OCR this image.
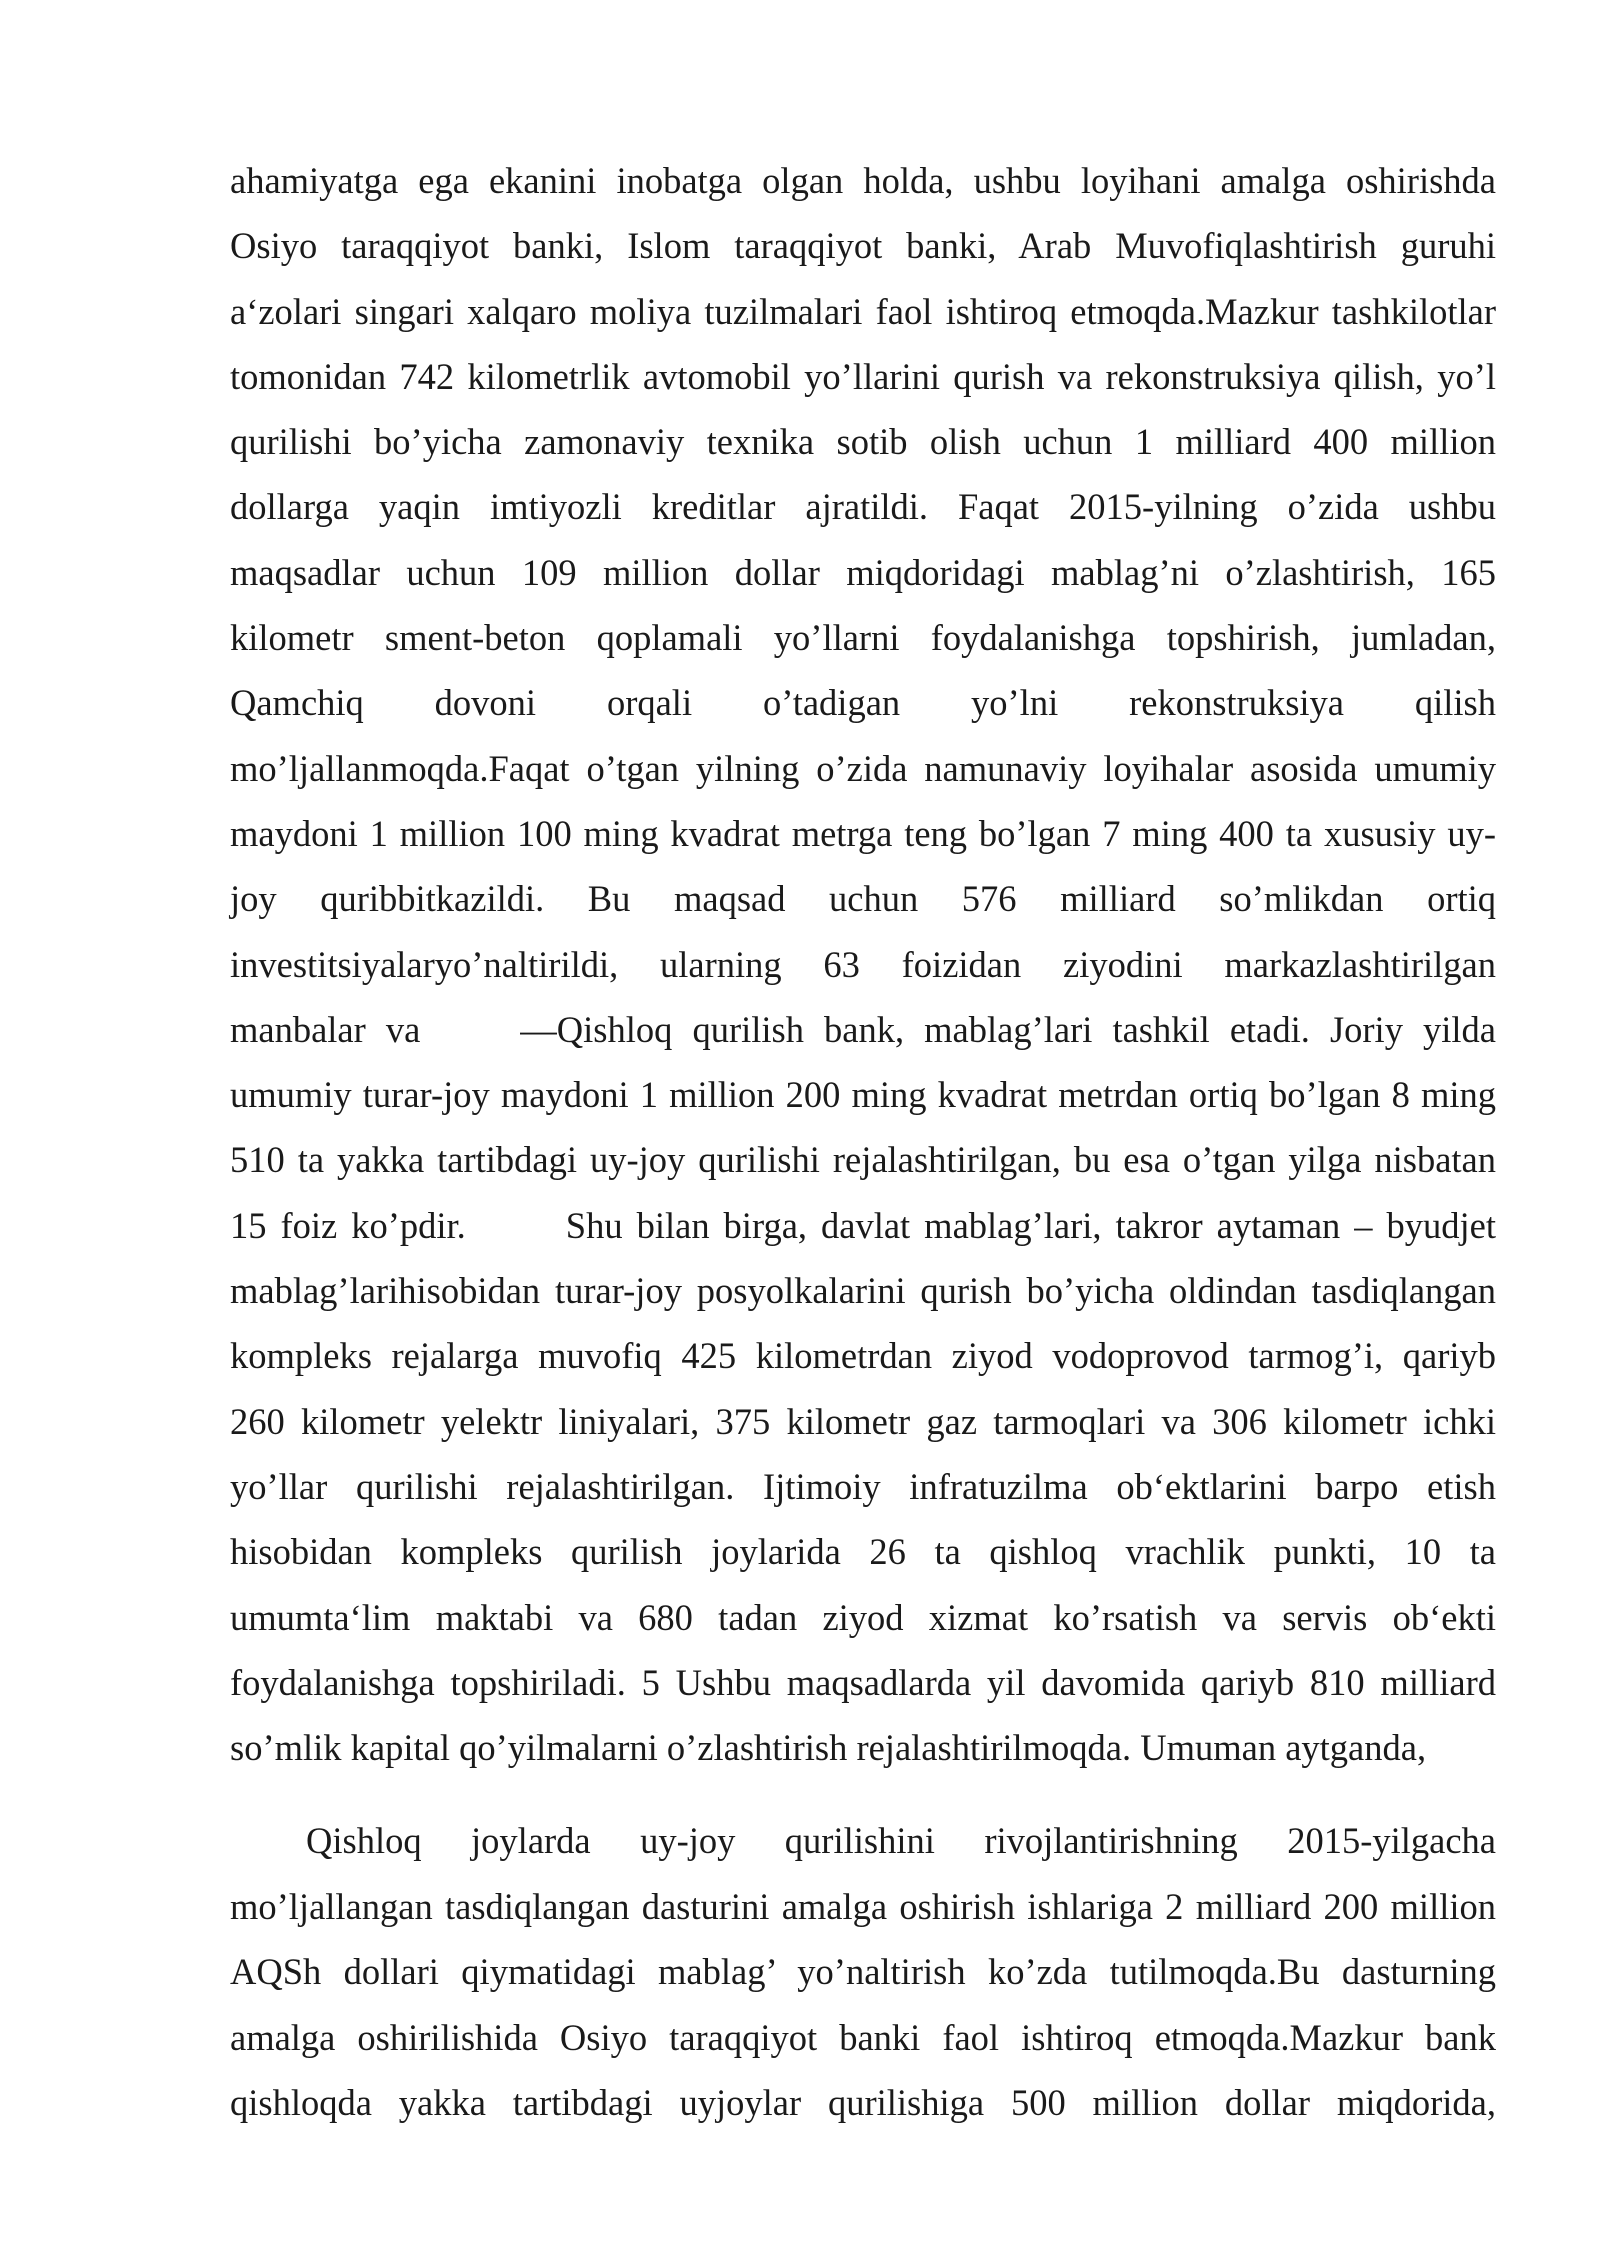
ahamiyatga ega ekanini inobatga olgan holda, ushbu loyihani amalga oshirishda
Osiyo taraqqiyot banki, Islom taraqqiyot banki, Arab Muvofiqlashtirish guruhi
a‘zolari singari xalqaro moliya tuzilmalari faol ishtiroq etmoqda.Mazkur tashkilotlar
tomonidan 742 kilometrlik avtomobil yo’llarini qurish va rekonstruksiya qilish, yo’l
qurilishi bo’yicha zamonaviy texnika sotib olish uchun 1 milliard 400 million
dollarga yaqin imtiyozli kreditlar ajratildi. Faqat 2015-yilning o’zida ushbu
maqsadlar uchun 109 million dollar miqdoridagi mablag’ni o’zlashtirish, 165
kilometr sment-beton qoplamali yo’llarni foydalanishga topshirish, jumladan,
Qamchiq dovoni orqali o’tadigan yo’lni rekonstruksiya qilish
mo’ljallanmoqda.Faqat o’tgan yilning o’zida namunaviy loyihalar asosida umumiy
maydoni 1 million 100 ming kvadrat metrga teng bo’lgan 7 ming 400 ta xususiy uy-
joy quribbitkazildi. Bu maqsad uchun 576 milliard so’mlikdan ortiq
investitsiyalaryo’naltirildi, ularning 63 foizidan ziyodini markazlashtirilgan
manbalar va	―Qishloq qurilish bank, mablag’lari tashkil etadi. Joriy yilda
umumiy turar-joy maydoni 1 million 200 ming kvadrat metrdan ortiq bo’lgan 8 ming
510 ta yakka tartibdagi uy-joy qurilishi rejalashtirilgan, bu esa o’tgan yilga nisbatan
15 foiz ko’pdir.	Shu bilan birga, davlat mablag’lari, takror aytaman – byudjet
mablag’larihisobidan turar-joy posyolkalarini qurish bo’yicha oldindan tasdiqlangan
kompleks rejalarga muvofiq 425 kilometrdan ziyod vodoprovod tarmog’i, qariyb
260 kilometr yelektr liniyalari, 375 kilometr gaz tarmoqlari va 306 kilometr ichki
yo’llar qurilishi rejalashtirilgan. Ijtimoiy infratuzilma ob‘ektlarini barpo etish
hisobidan kompleks qurilish joylarida 26 ta qishloq vrachlik punkti, 10 ta
umumta‘lim maktabi va 680 tadan ziyod xizmat ko’rsatish va servis ob‘ekti
foydalanishga topshiriladi. 5 Ushbu maqsadlarda yil davomida qariyb 810 milliard
so’mlik kapital qo’yilmalarni o’zlashtirish rejalashtirilmoqda. Umuman aytganda,
Qishloq joylarda uy-joy qurilishini rivojlantirishning 2015-yilgacha
mo’ljallangan tasdiqlangan dasturini amalga oshirish ishlariga 2 milliard 200 million
AQSh dollari qiymatidagi mablag’ yo’naltirish ko’zda tutilmoqda.Bu dasturning
amalga oshirilishida Osiyo taraqqiyot banki faol ishtiroq etmoqda.Mazkur bank
qishloqda yakka tartibdagi uyjoylar qurilishiga 500 million dollar miqdorida,
